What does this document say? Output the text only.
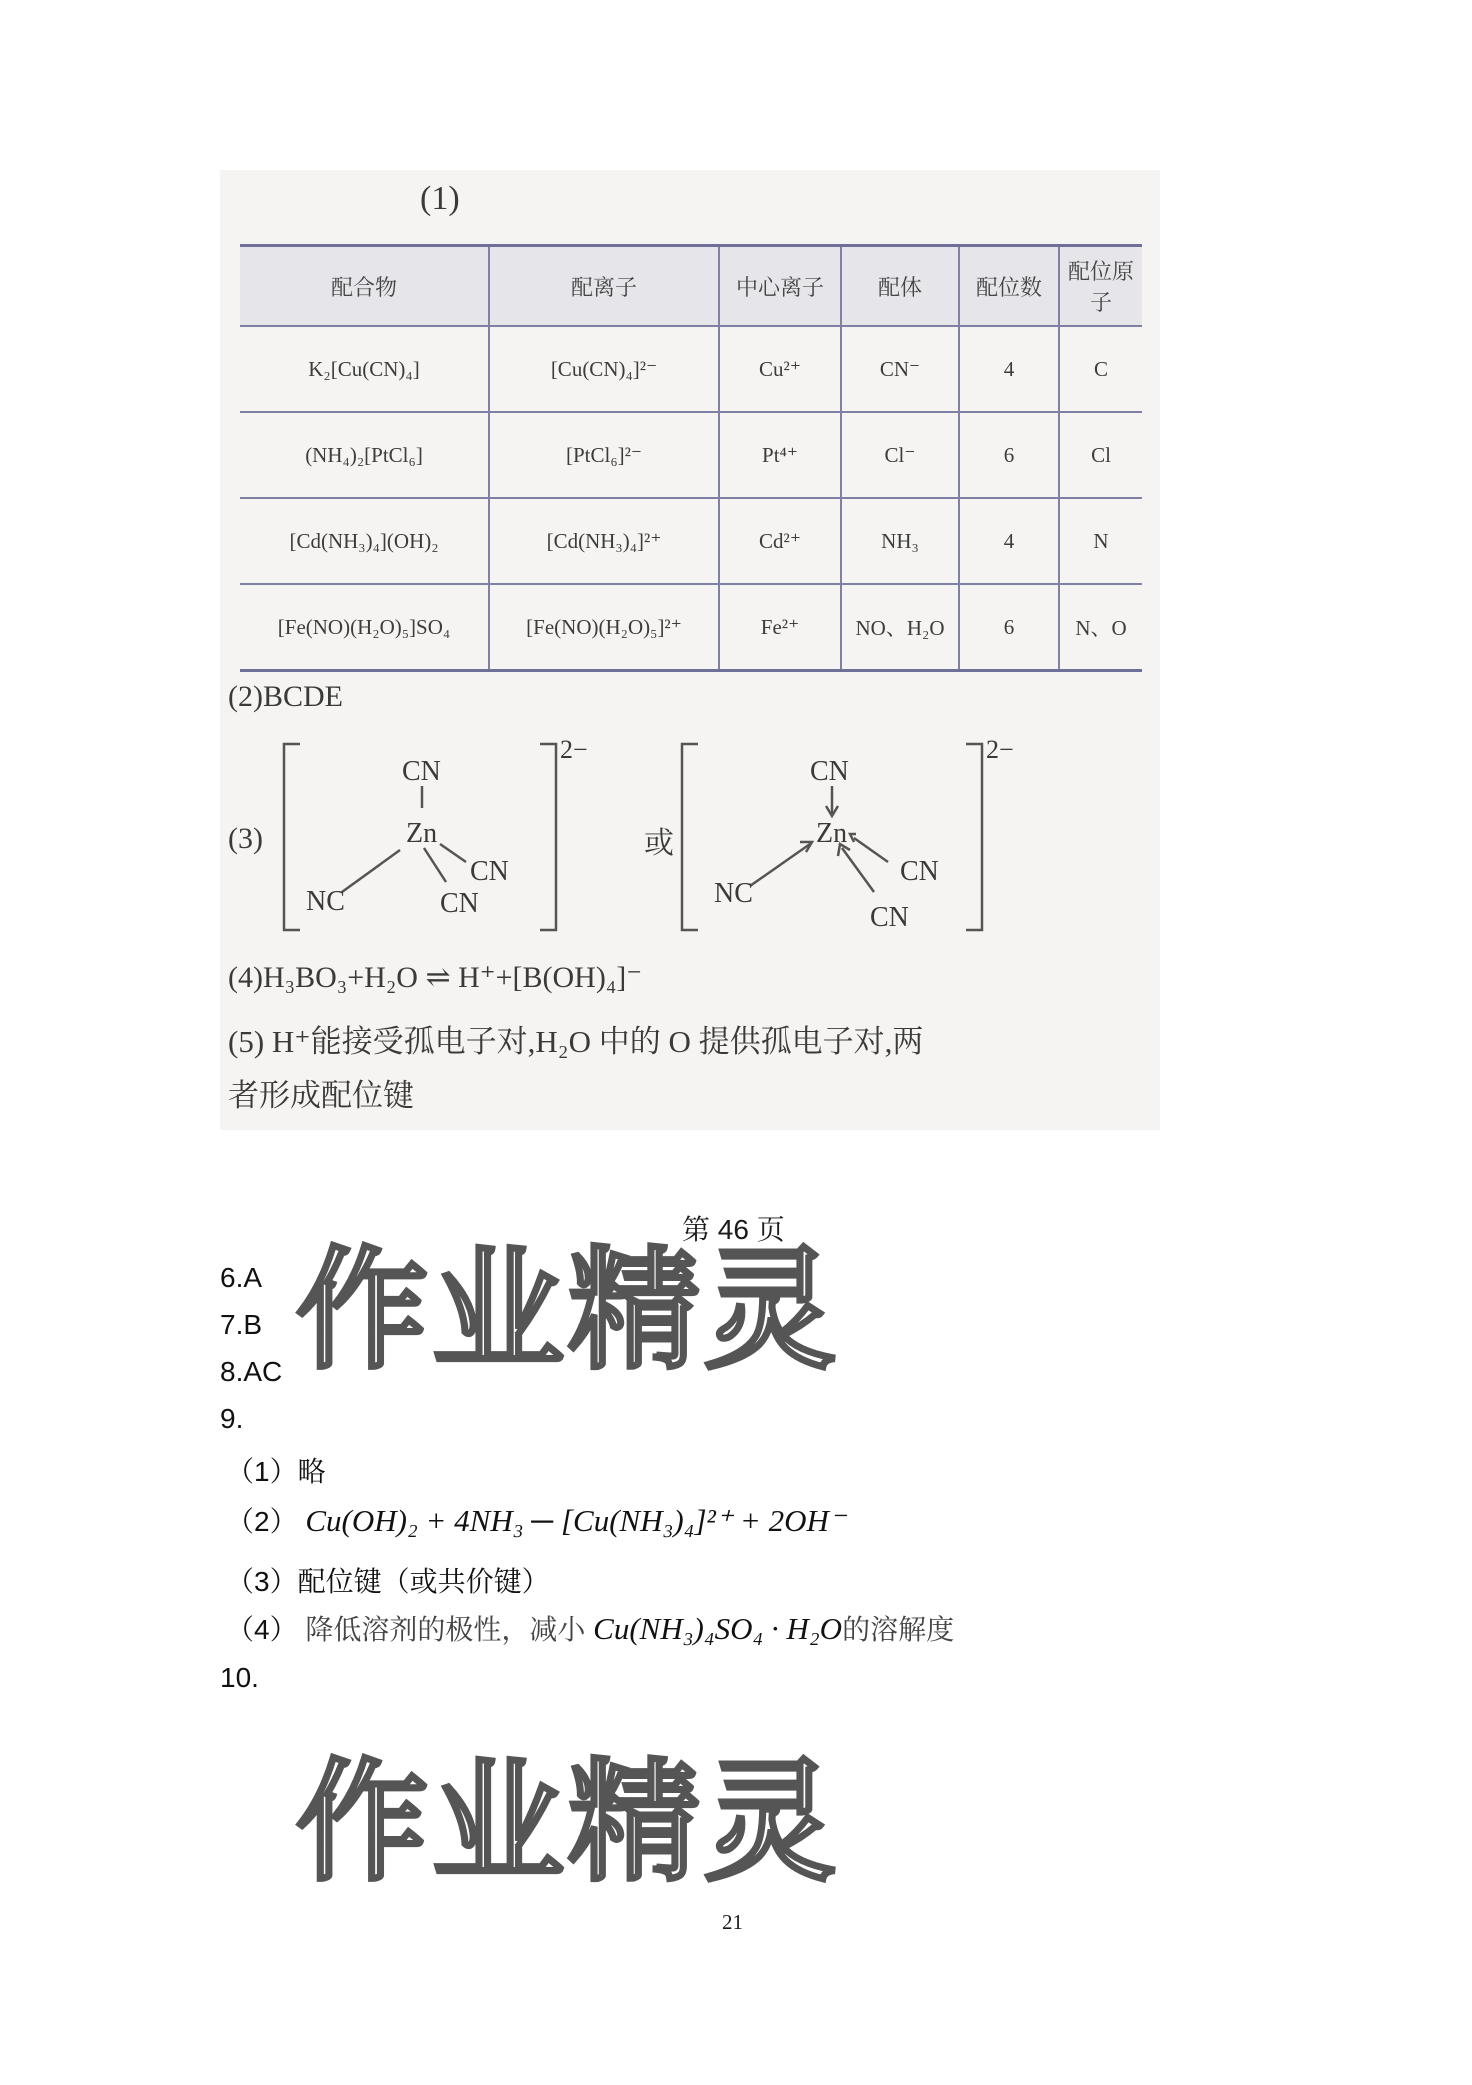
(1)
配合物	配离子	中心离子	配体	配位数	配位原子
K₂[Cu(CN)₄]	[Cu(CN)₄]²⁻	Cu²⁺	CN⁻	4	C
(NH₄)₂[PtCl₆]	[PtCl₆]²⁻	Pt⁴⁺	Cl⁻	6	Cl
[Cd(NH₃)₄](OH)₂	[Cd(NH₃)₄]²⁺	Cd²⁺	NH₃	4	N
[Fe(NO)(H₂O)₅]SO₄	[Fe(NO)(H₂O)₅]²⁺	Fe²⁺	NO、H₂O	6	N、O
(2)BCDE
(3)
CN
Zn
NC
CN
CN
2−
CN
Zn
NC
CN
CN
2−
或
(4)H₃BO₃+H₂O ⇌ H⁺+[B(OH)₄]⁻
(5) H⁺能接受孤电子对,H₂O 中的 O 提供孤电子对,两
者形成配位键
第 46 页
作业精灵
6.A
7.B
8.AC
9.
（1）略
（2） Cu(OH)₂ + 4NH₃ ─ [Cu(NH₃)₄]²⁺ + 2OH⁻
（3）配位键（或共价键）
（4） 降低溶剂的极性，减小 Cu(NH₃)₄SO₄ · H₂O的溶解度
10.
作业精灵
21
